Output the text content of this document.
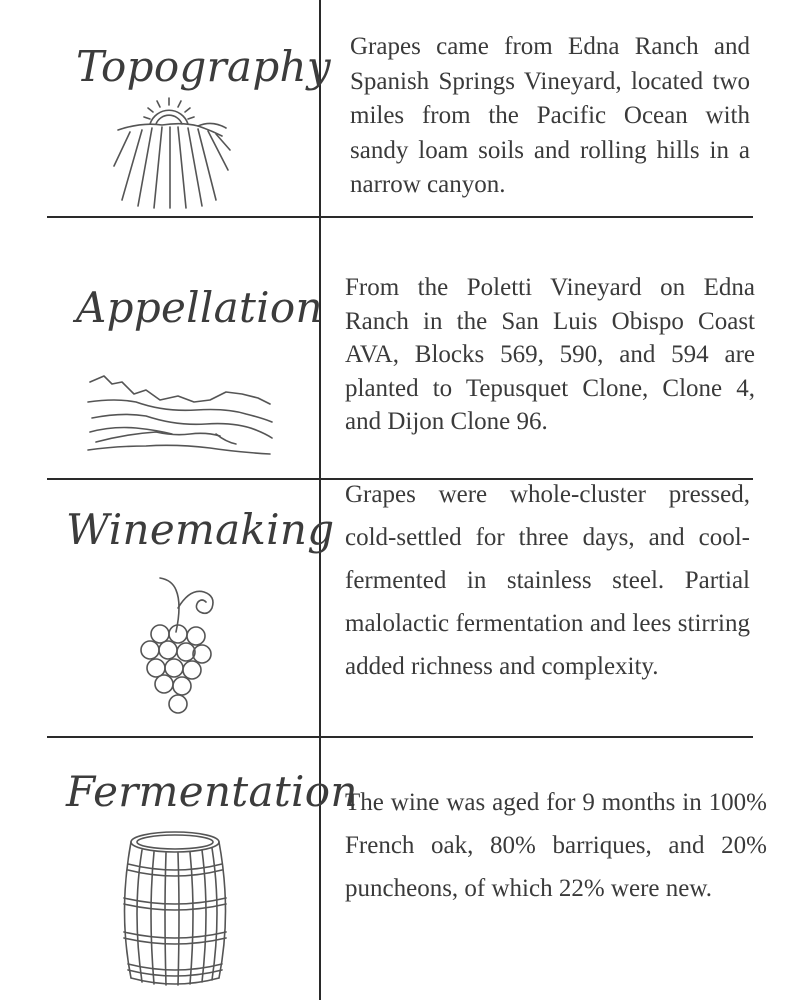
Topography Grapes came from Edna Ranch and Spanish Springs Vineyard, located two miles from the Pacific Ocean with sandy loam soils and rolling hills in a narrow canyon.

Appellation From the Poletti Vineyard on Edna Ranch in the San Luis Obispo Coast AVA, Blocks 569, 590, and 594 are planted to Tepusquet Clone, Clone 4, and Dijon Clone 96.

Winemaking

Grapes were whole-cluster pressed, cold-settled for three days, and cool-fermented in stainless steel. Partial malolactic fermentation and lees stirring added richness and complexity.

Fermentation

The wine was aged for 9 months in 100% French oak, 80% barriques, and 20% puncheons, of which 22% were new.
